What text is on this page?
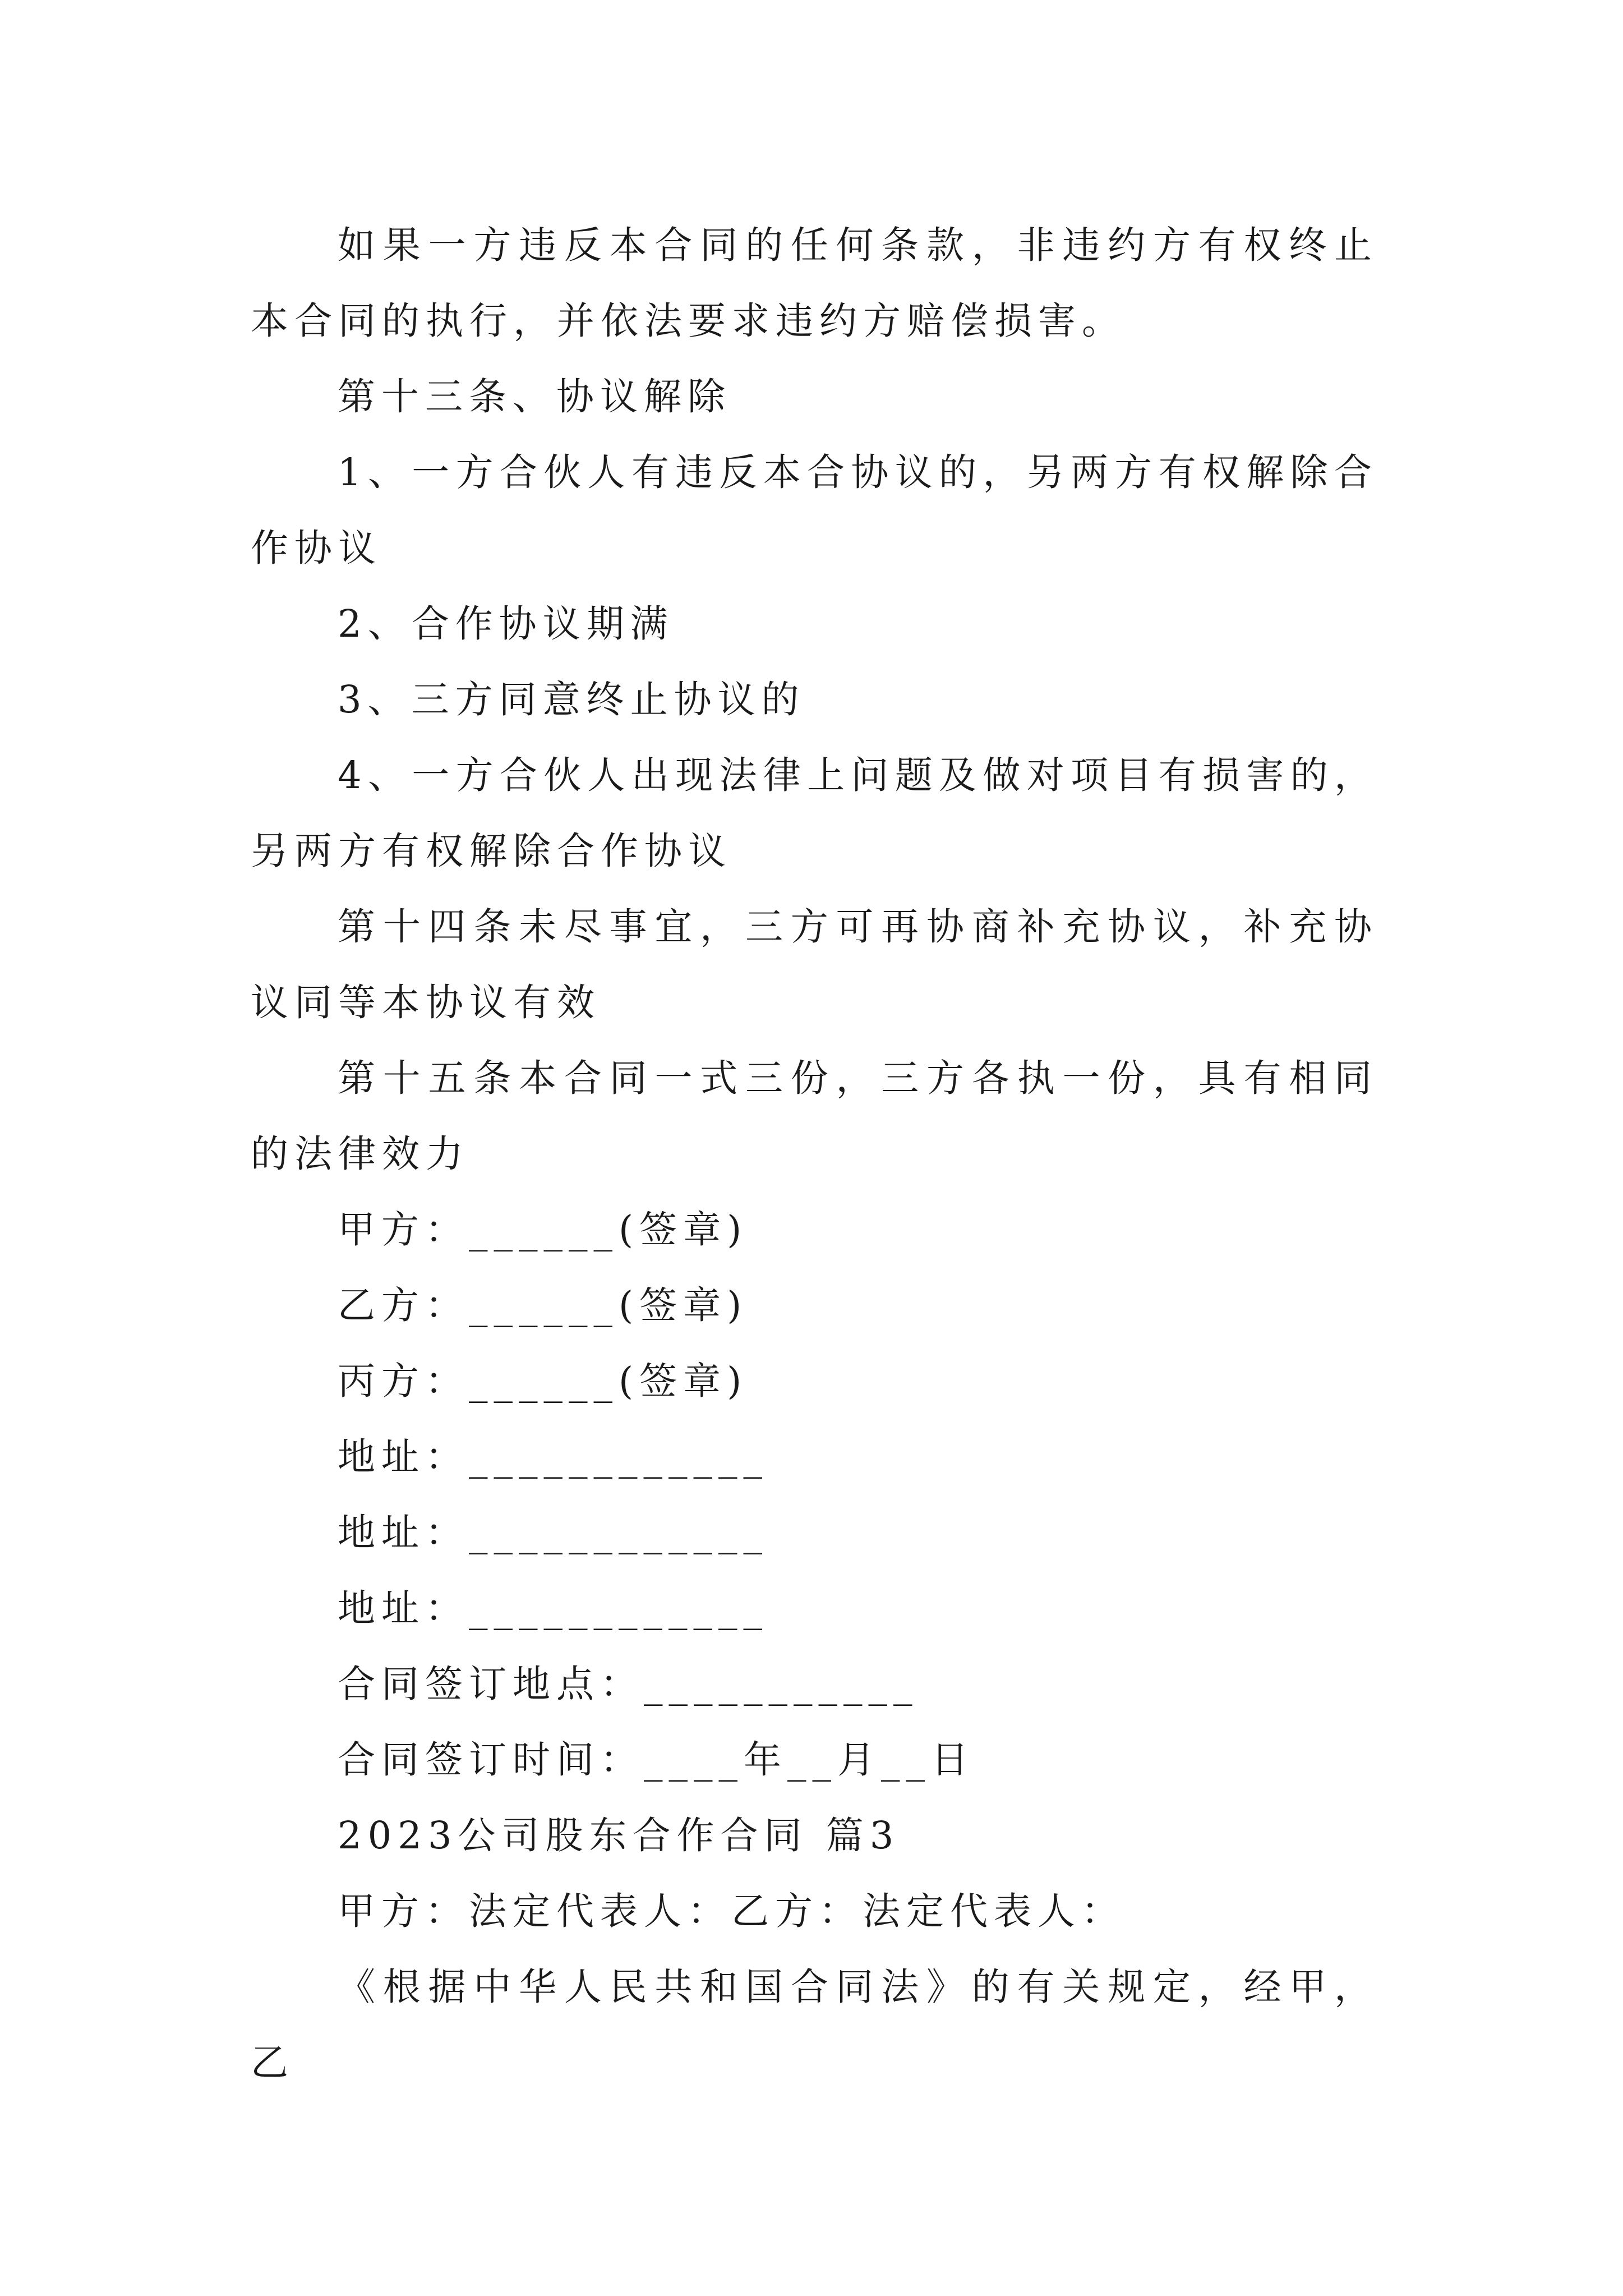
如果一方违反本合同的任何条款，非违约方有权终止本合同的执行，并依法要求违约方赔偿损害。

第十三条、协议解除

1、一方合伙人有违反本合协议的，另两方有权解除合作协议

2、合作协议期满

3、三方同意终止协议的

4、一方合伙人出现法律上问题及做对项目有损害的，另两方有权解除合作协议

第十四条未尽事宜，三方可再协商补充协议，补充协议同等本协议有效

第十五条本合同一式三份，三方各执一份，具有相同的法律效力

甲方：______(签章)

乙方：______(签章)

丙方：______(签章)

地址：____________

地址：____________

地址：____________

合同签订地点：___________

合同签订时间：____年__月__日

2023公司股东合作合同 篇3

甲方：法定代表人：乙方：法定代表人：

《根据中华人民共和国合同法》的有关规定，经甲，乙
